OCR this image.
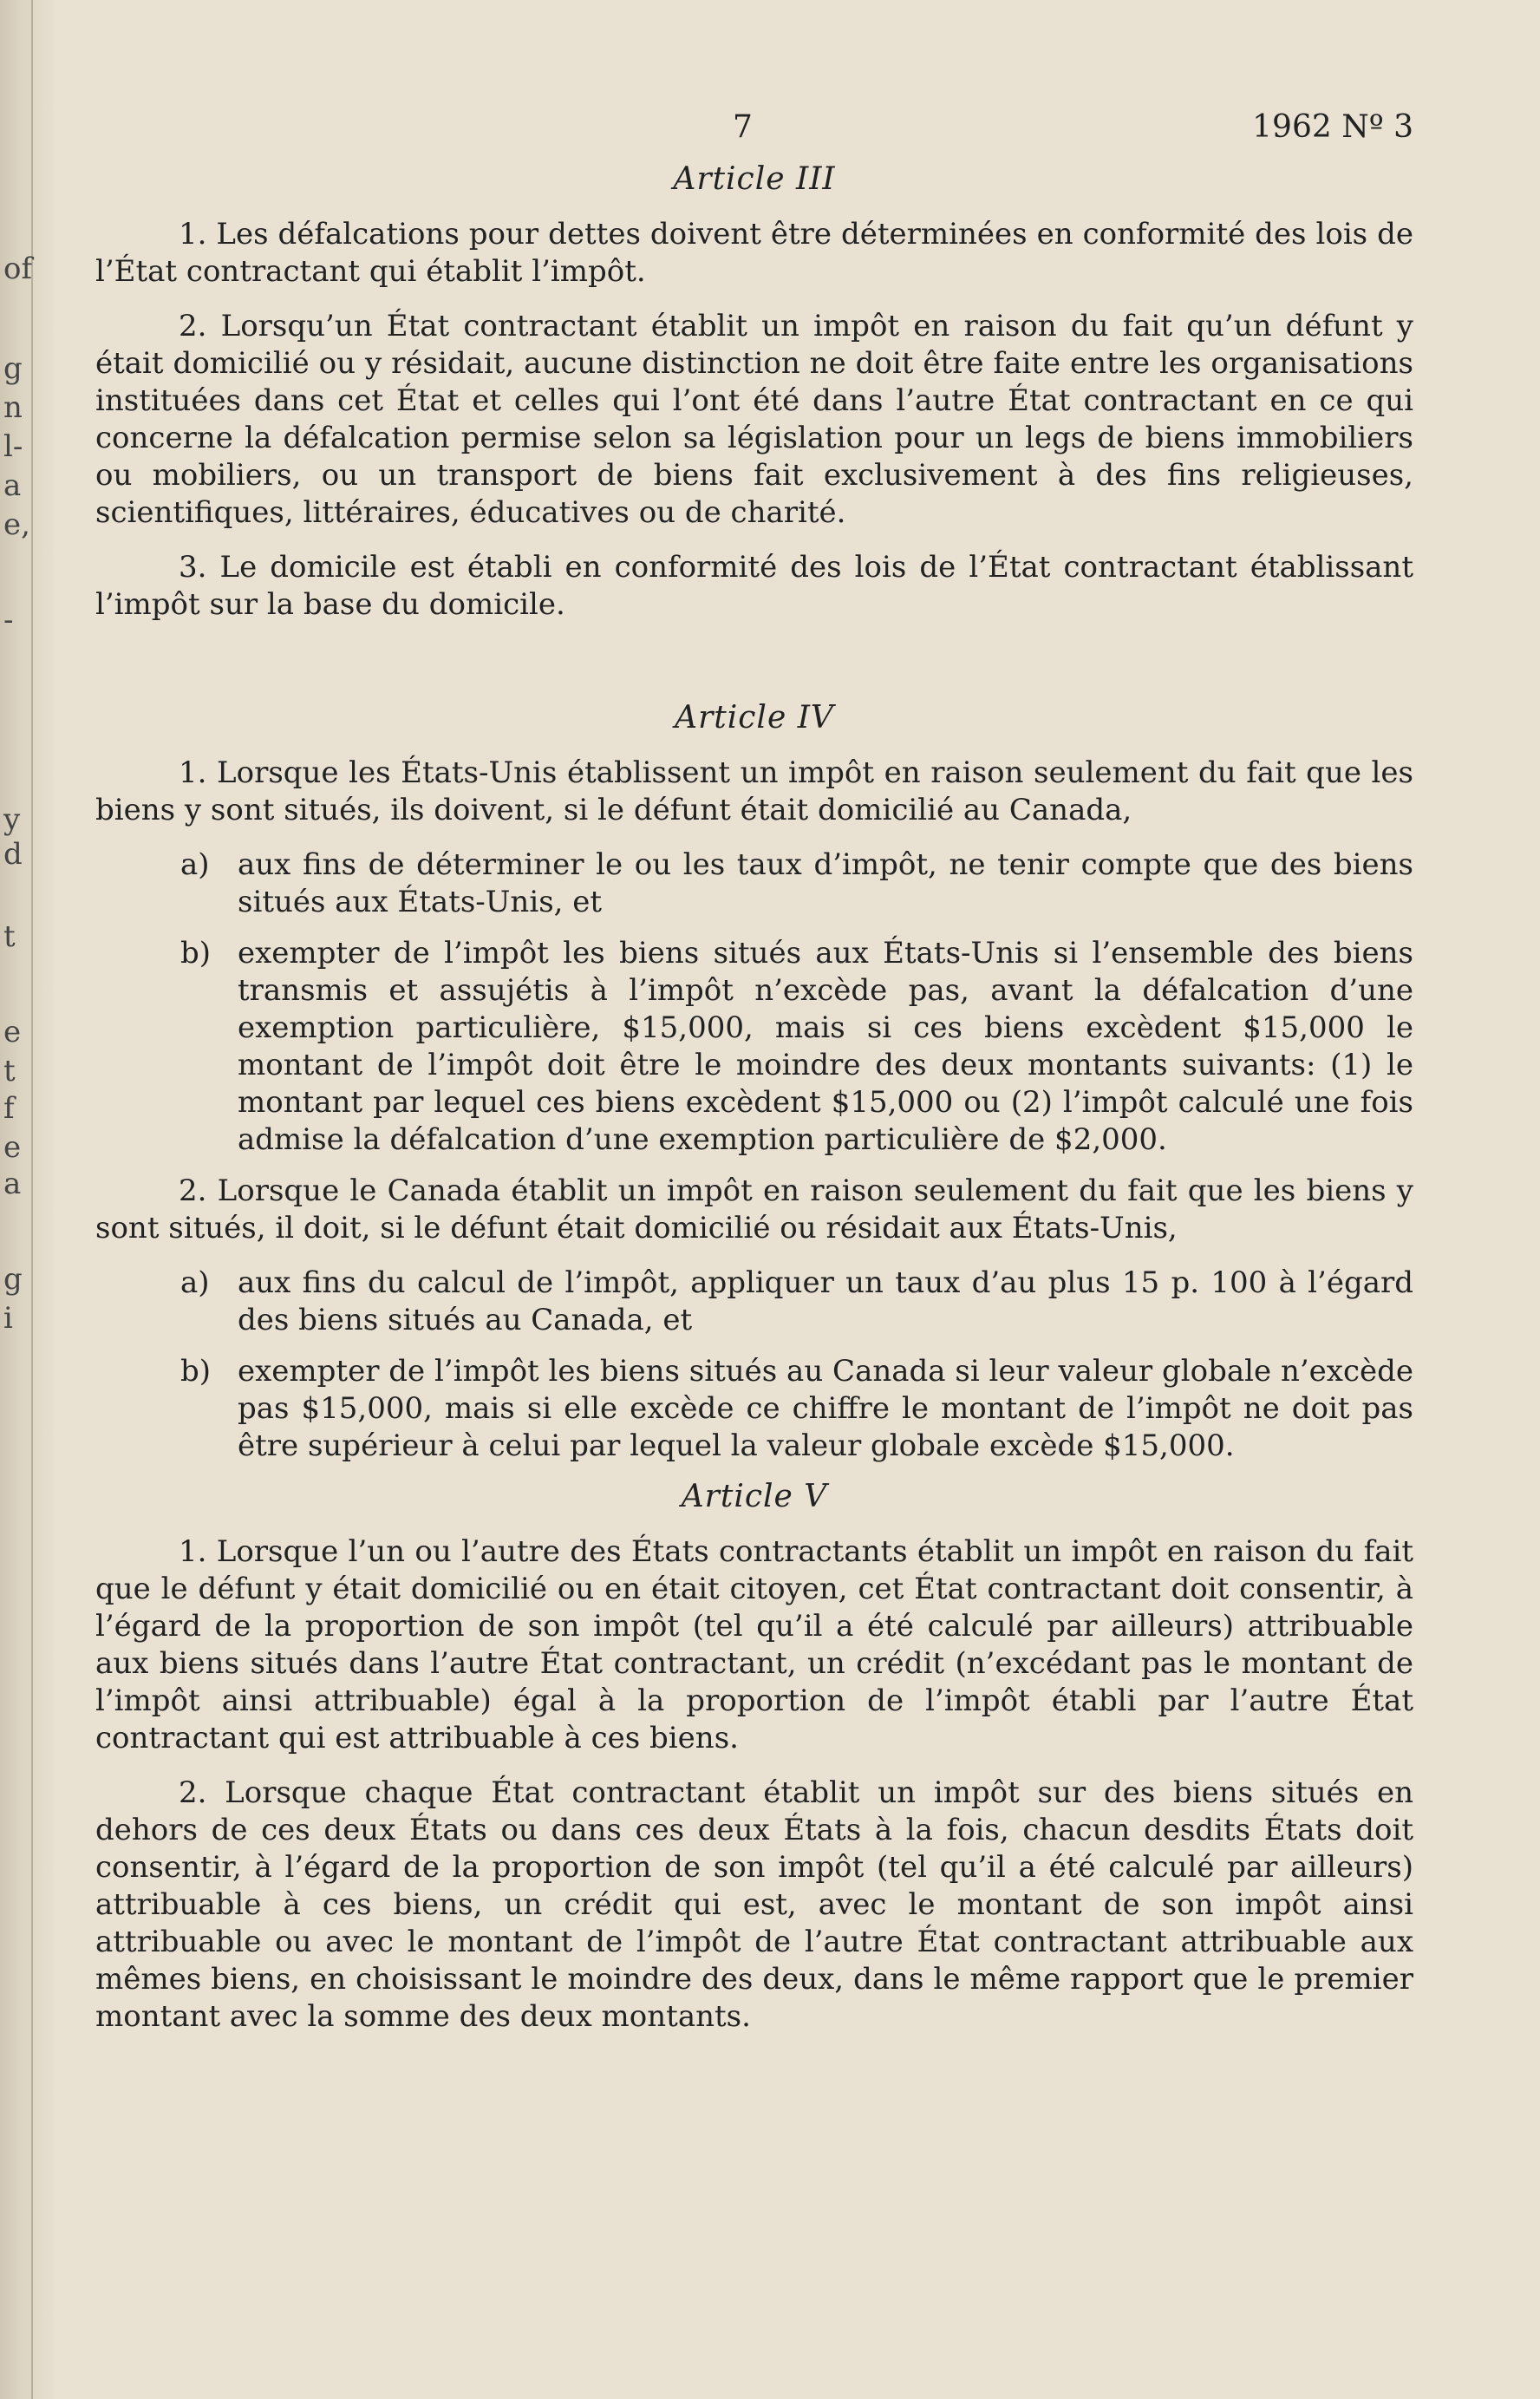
of
g
n
l-
a
e,
-
y
d
t
e
t
f
e
a
g
i
7	1962 Nº 3
Article III

1. Les défalcations pour dettes doivent être déterminées en conformité des lois de l’État contractant qui établit l’impôt.

2. Lorsqu’un État contractant établit un impôt en raison du fait qu’un défunt y était domicilié ou y résidait, aucune distinction ne doit être faite entre les organisations instituées dans cet État et celles qui l’ont été dans l’autre État contractant en ce qui concerne la défalcation permise selon sa législation pour un legs de biens immobiliers ou mobiliers, ou un transport de biens fait exclusivement à des fins religieuses, scientifiques, littéraires, éducatives ou de charité.

3. Le domicile est établi en conformité des lois de l’État contractant établissant l’impôt sur la base du domicile.

Article IV

1. Lorsque les États-Unis établissent un impôt en raison seulement du fait que les biens y sont situés, ils doivent, si le défunt était domicilié au Canada,

a) aux fins de déterminer le ou les taux d’impôt, ne tenir compte que des biens situés aux États-Unis, et
b) exempter de l’impôt les biens situés aux États-Unis si l’ensemble des biens transmis et assujétis à l’impôt n’excède pas, avant la défalcation d’une exemption particulière, $15,000, mais si ces biens excèdent $15,000 le montant de l’impôt doit être le moindre des deux montants suivants: (1) le montant par lequel ces biens excèdent $15,000 ou (2) l’impôt calculé une fois admise la défalcation d’une exemption particulière de $2,000.

2. Lorsque le Canada établit un impôt en raison seulement du fait que les biens y sont situés, il doit, si le défunt était domicilié ou résidait aux États-Unis,

a) aux fins du calcul de l’impôt, appliquer un taux d’au plus 15 p. 100 à l’égard des biens situés au Canada, et
b) exempter de l’impôt les biens situés au Canada si leur valeur globale n’excède pas $15,000, mais si elle excède ce chiffre le montant de l’impôt ne doit pas être supérieur à celui par lequel la valeur globale excède $15,000.
Article V

1. Lorsque l’un ou l’autre des États contractants établit un impôt en raison du fait que le défunt y était domicilié ou en était citoyen, cet État contractant doit consentir, à l’égard de la proportion de son impôt (tel qu’il a été calculé par ailleurs) attribuable aux biens situés dans l’autre État contractant, un crédit (n’excédant pas le montant de l’impôt ainsi attribuable) égal à la proportion de l’impôt établi par l’autre État contractant qui est attribuable à ces biens.

2. Lorsque chaque État contractant établit un impôt sur des biens situés en dehors de ces deux États ou dans ces deux États à la fois, chacun desdits États doit consentir, à l’égard de la proportion de son impôt (tel qu’il a été calculé par ailleurs) attribuable à ces biens, un crédit qui est, avec le montant de son impôt ainsi attribuable ou avec le montant de l’impôt de l’autre État contractant attribuable aux mêmes biens, en choisissant le moindre des deux, dans le même rapport que le premier montant avec la somme des deux montants.
